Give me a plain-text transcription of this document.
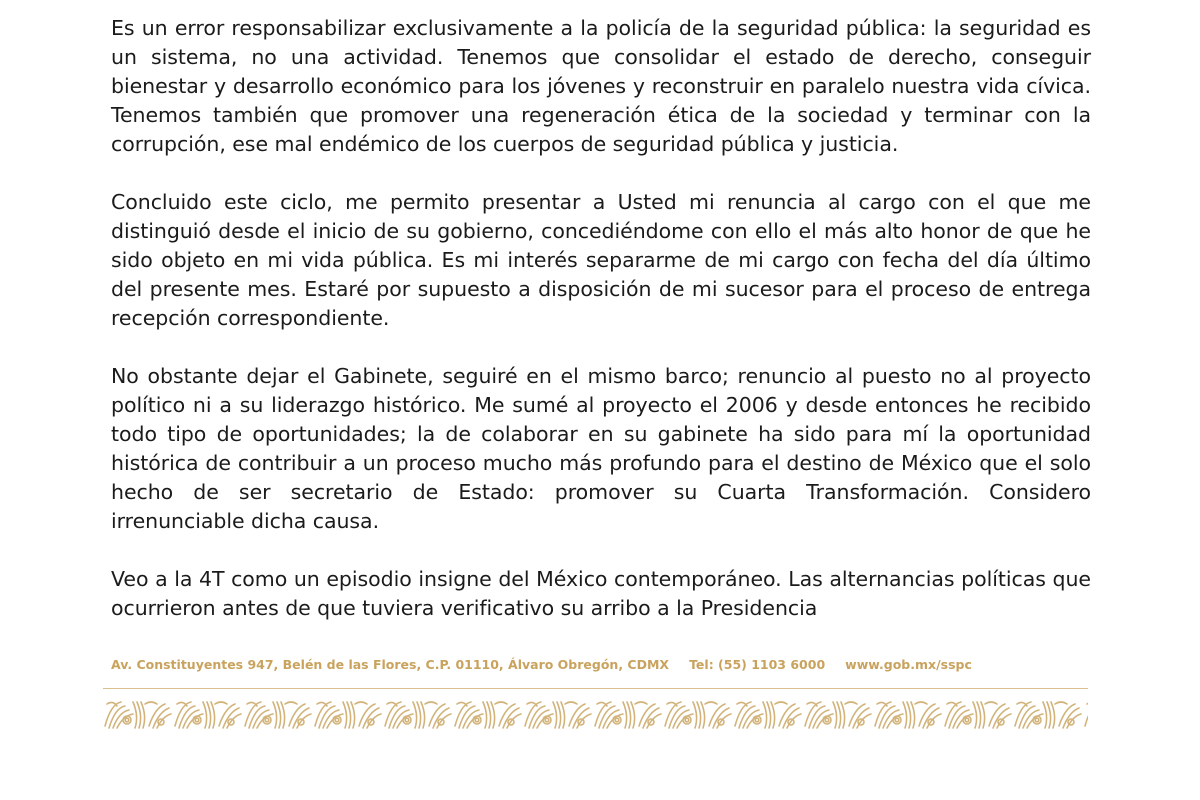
Es un error responsabilizar exclusivamente a la policía de la seguridad pública: la seguridad es un sistema, no una actividad. Tenemos que consolidar el estado de derecho, conseguir bienestar y desarrollo económico para los jóvenes y reconstruir en paralelo nuestra vida cívica. Tenemos también que promover una regeneración ética de la sociedad y terminar con la corrupción, ese mal endémico de los cuerpos de seguridad pública y justicia.

Concluido este ciclo, me permito presentar a Usted mi renuncia al cargo con el que me distinguió desde el inicio de su gobierno, concediéndome con ello el más alto honor de que he sido objeto en mi vida pública. Es mi interés separarme de mi cargo con fecha del día último del presente mes. Estaré por supuesto a disposición de mi sucesor para el proceso de entrega recepción correspondiente.

No obstante dejar el Gabinete, seguiré en el mismo barco; renuncio al puesto no al proyecto político ni a su liderazgo histórico. Me sumé al proyecto el 2006 y desde entonces he recibido todo tipo de oportunidades; la de colaborar en su gabinete ha sido para mí la oportunidad histórica de contribuir a un proceso mucho más profundo para el destino de México que el solo hecho de ser secretario de Estado: promover su Cuarta Transformación. Considero irrenunciable dicha causa.

Veo a la 4T como un episodio insigne del México contemporáneo. Las alternancias políticas que ocurrieron antes de que tuviera verificativo su arribo a la Presidencia

Av. Constituyentes 947, Belén de las Flores, C.P. 01110, Álvaro Obregón, CDMX Tel: (55) 1103 6000 www.gob.mx/sspc
